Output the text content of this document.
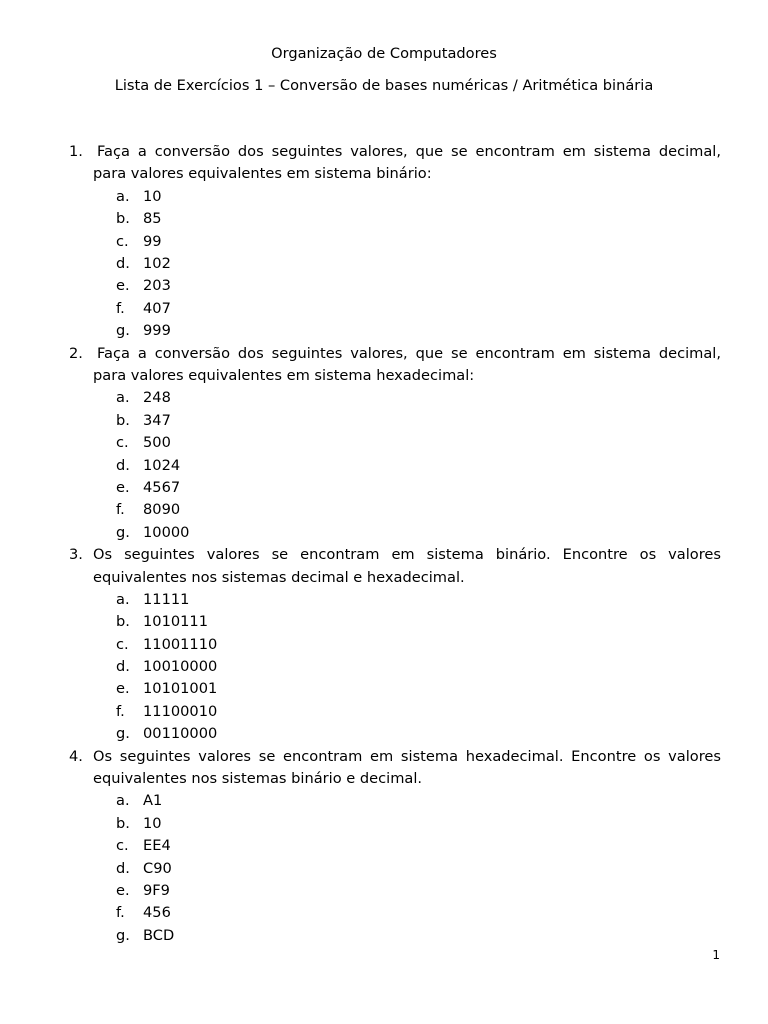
Organização de Computadores
Lista de Exercícios 1 – Conversão de bases numéricas / Aritmética binária
1. Faça a conversão dos seguintes valores, que se encontram em sistema decimal, para valores equivalentes em sistema binário:
a. 10
b. 85
c. 99
d. 102
e. 203
f. 407
g. 999
2. Faça a conversão dos seguintes valores, que se encontram em sistema decimal, para valores equivalentes em sistema hexadecimal:
a. 248
b. 347
c. 500
d. 1024
e. 4567
f. 8090
g. 10000
3. Os seguintes valores se encontram em sistema binário. Encontre os valores equivalentes nos sistemas decimal e hexadecimal.
a. 11111
b. 1010111
c. 11001110
d. 10010000
e. 10101001
f. 11100010
g. 00110000
4. Os seguintes valores se encontram em sistema hexadecimal. Encontre os valores equivalentes nos sistemas binário e decimal.
a. A1
b. 10
c. EE4
d. C90
e. 9F9
f. 456
g. BCD
1
